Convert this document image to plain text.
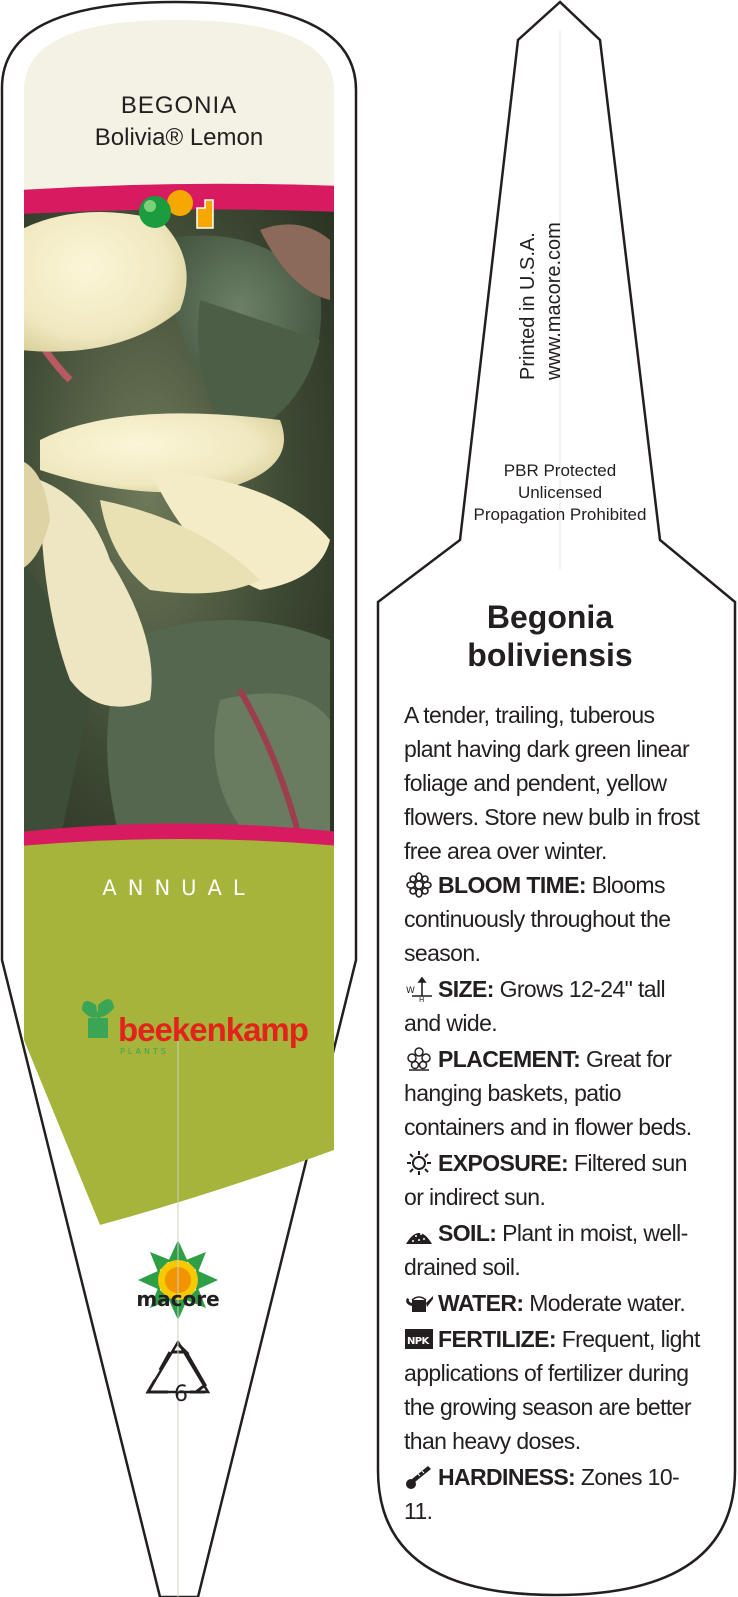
BEGONIA
Bolivia® Lemon
ANNUAL
beekenkamp
PLANTS
macore
6
Printed in U.S.A. www.macore.com
PBR Protected
Unlicensed
Propagation Prohibited
Begonia
boliviensis
A tender, trailing, tuberous plant having dark green linear foliage and pendent, yellow flowers. Store new bulb in frost free area over winter.
BLOOM TIME: Blooms continuously throughout the season.
W
H SIZE: Grows 12-24" tall and wide.
PLACEMENT: Great for hanging baskets, patio containers and in flower beds.
EXPOSURE: Filtered sun or indirect sun.
SOIL: Plant in moist, well-drained soil.
WATER: Moderate water.
NPK FERTILIZE: Frequent, light applications of fertilizer during the growing season are better than heavy doses.
HARDINESS: Zones 10-11.
